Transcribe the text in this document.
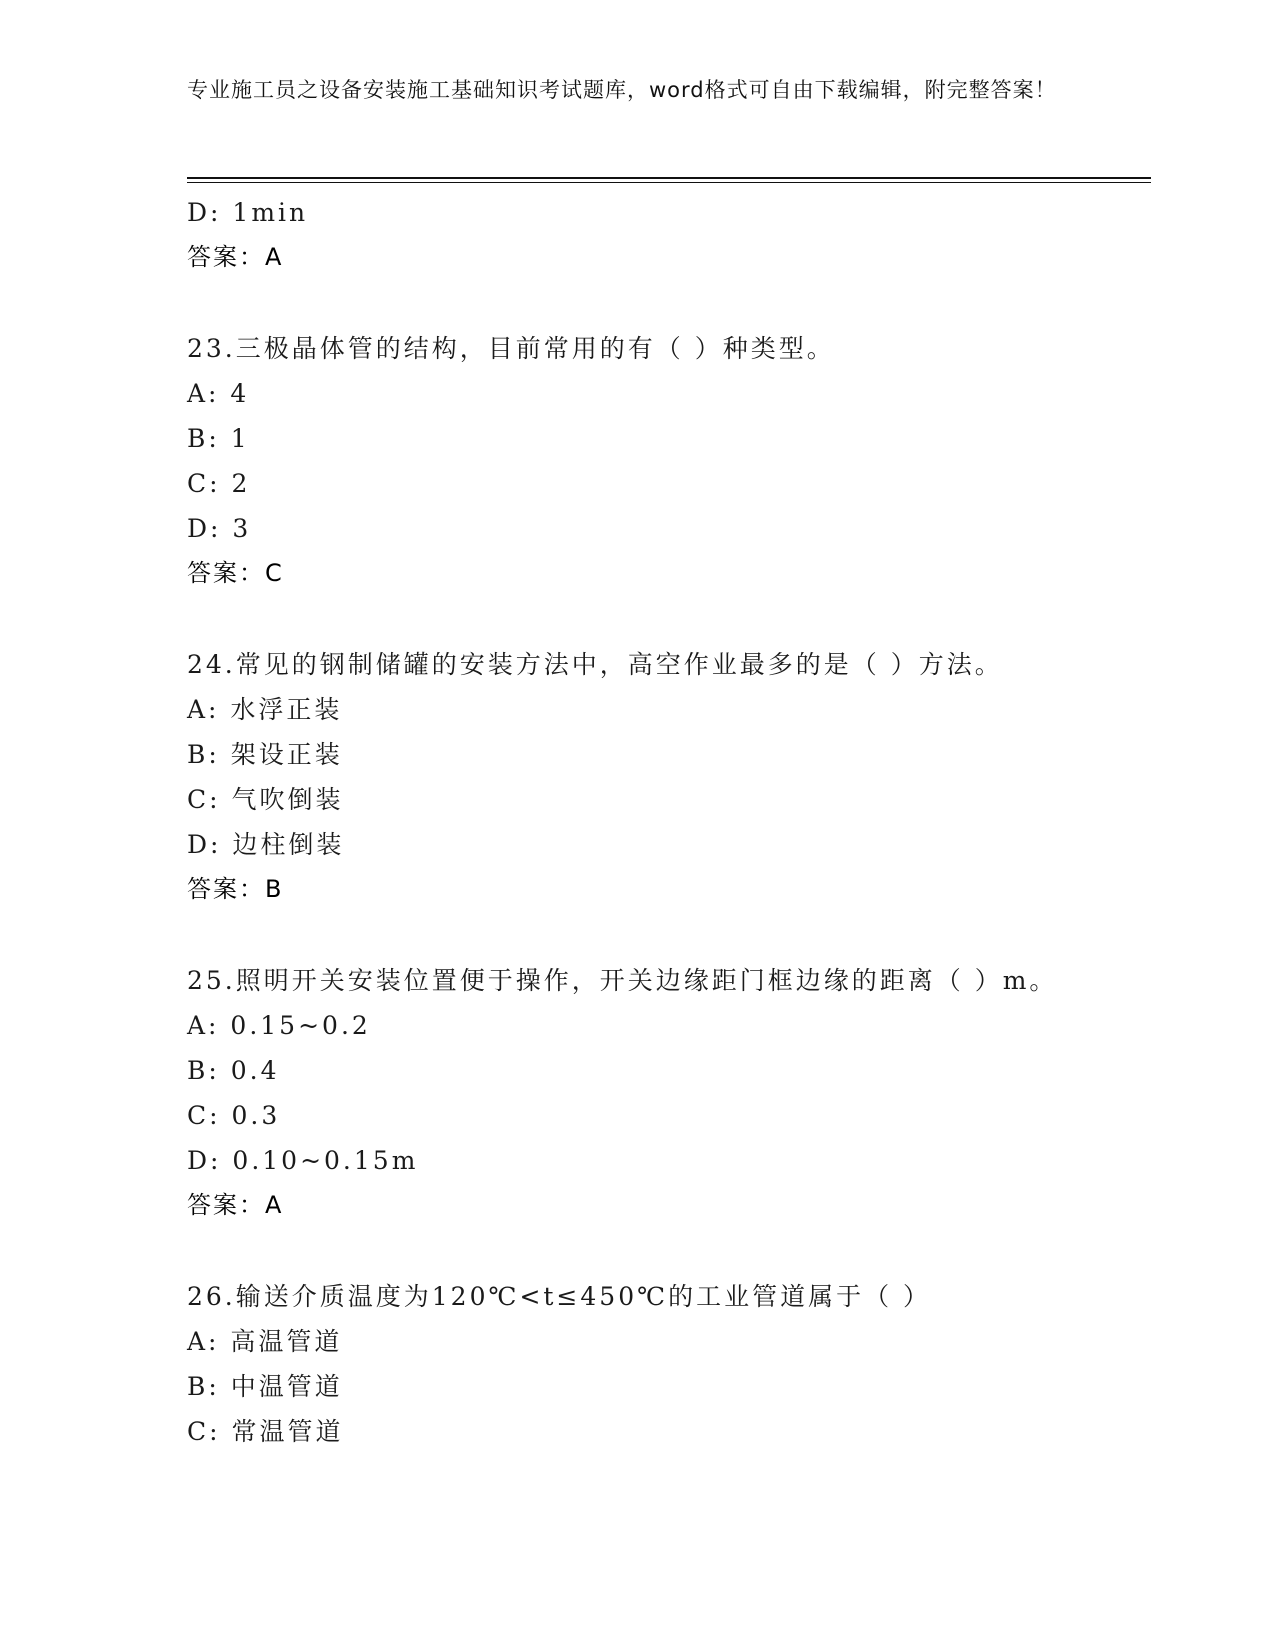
专业施工员之设备安装施工基础知识考试题库，word格式可自由下载编辑，附完整答案！
D: 1min
答案：A
23.三极晶体管的结构，目前常用的有（ ）种类型。
A: 4
B: 1
C: 2
D: 3
答案：C
24.常见的钢制储罐的安装方法中，高空作业最多的是（ ）方法。
A: 水浮正装
B: 架设正装
C: 气吹倒装
D: 边柱倒装
答案：B
25.照明开关安装位置便于操作，开关边缘距门框边缘的距离（ ）m。
A: 0.15~0.2
B: 0.4
C: 0.3
D: 0.10~0.15m
答案：A
26.输送介质温度为120℃<t≤450℃的工业管道属于（ ）
A: 高温管道
B: 中温管道
C: 常温管道
